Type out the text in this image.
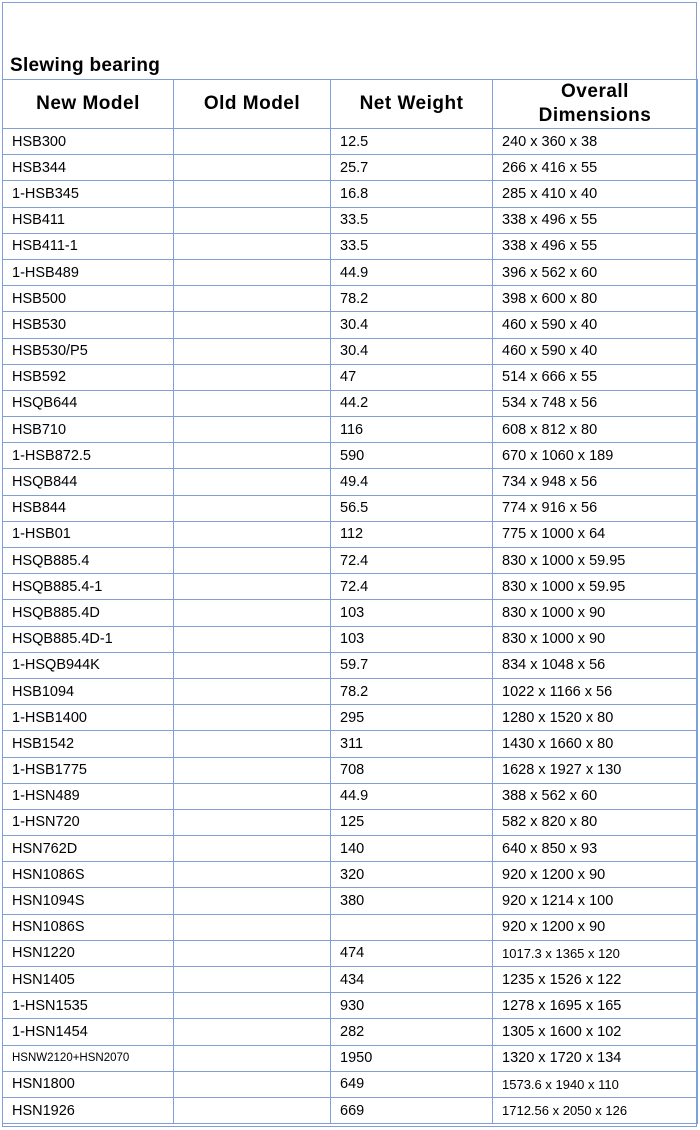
Slewing bearing
New Model	Old Model	Net Weight	Overall Dimensions
HSB300		12.5	240 x 360 x 38
HSB344		25.7	266 x 416 x 55
1-HSB345		16.8	285 x 410 x 40
HSB411		33.5	338 x 496 x 55
HSB411-1		33.5	338 x 496 x 55
1-HSB489		44.9	396 x 562 x 60
HSB500		78.2	398 x 600 x 80
HSB530		30.4	460 x 590 x 40
HSB530/P5		30.4	460 x 590 x 40
HSB592		47	514 x 666 x 55
HSQB644		44.2	534 x 748 x 56
HSB710		116	608 x 812 x 80
1-HSB872.5		590	670 x 1060 x 189
HSQB844		49.4	734 x 948 x 56
HSB844		56.5	774 x 916 x 56
1-HSB01		112	775 x 1000 x 64
HSQB885.4		72.4	830 x 1000 x 59.95
HSQB885.4-1		72.4	830 x 1000 x 59.95
HSQB885.4D		103	830 x 1000 x 90
HSQB885.4D-1		103	830 x 1000 x 90
1-HSQB944K		59.7	834 x 1048 x 56
HSB1094		78.2	1022 x 1166 x 56
1-HSB1400		295	1280 x 1520 x 80
HSB1542		311	1430 x 1660 x 80
1-HSB1775		708	1628 x 1927 x 130
1-HSN489		44.9	388 x 562 x 60
1-HSN720		125	582 x 820 x 80
HSN762D		140	640 x 850 x 93
HSN1086S		320	920 x 1200 x 90
HSN1094S		380	920 x 1214 x 100
HSN1086S			920 x 1200 x 90
HSN1220		474	1017.3 x 1365 x 120
HSN1405		434	1235 x 1526 x 122
1-HSN1535		930	1278 x 1695 x 165
1-HSN1454		282	1305 x 1600 x 102
HSNW2120+HSN2070		1950	1320 x 1720 x 134
HSN1800		649	1573.6 x 1940 x 110
HSN1926		669	1712.56 x 2050 x 126
